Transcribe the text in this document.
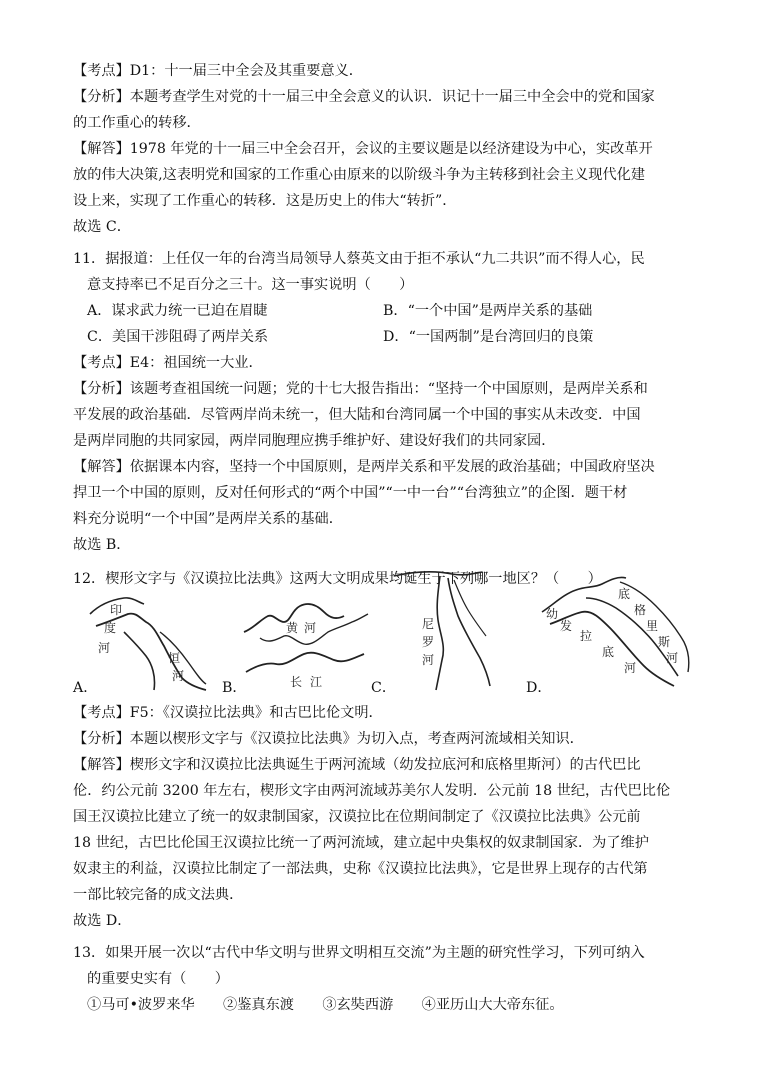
【考点】D1：十一届三中全会及其重要意义．
【分析】本题考查学生对党的十一届三中全会意义的认识．识记十一届三中全会中的党和国家
的工作重心的转移．
【解答】1978 年党的十一届三中全会召开，会议的主要议题是以经济建设为中心，实改革开
放的伟大决策,这表明党和国家的工作重心由原来的以阶级斗争为主转移到社会主义现代化建
设上来，实现了工作重心的转移．这是历史上的伟大“转折”．
故选 C．
11．据报道：上任仅一年的台湾当局领导人蔡英文由于拒不承认“九二共识”而不得人心，民
意支持率已不足百分之三十。这一事实说明（　　）
A．谋求武力统一已迫在眉睫	B．“一个中国”是两岸关系的基础
C．美国干涉阻碍了两岸关系	D．“一国两制”是台湾回归的良策
【考点】E4：祖国统一大业．
【分析】该题考查祖国统一问题；党的十七大报告指出：“坚持一个中国原则，是两岸关系和
平发展的政治基础．尽管两岸尚未统一，但大陆和台湾同属一个中国的事实从未改变．中国
是两岸同胞的共同家园，两岸同胞理应携手维护好、建设好我们的共同家园．
【解答】依据课本内容，坚持一个中国原则，是两岸关系和平发展的政治基础；中国政府坚决
捍卫一个中国的原则，反对任何形式的“两个中国”“一中一台”“台湾独立”的企图．题干材
料充分说明“一个中国”是两岸关系的基础．
故选 B．
12．楔形文字与《汉谟拉比法典》这两大文明成果均诞生于下列哪一地区？（　　）
印
度
河
恒
河
A．
黄 河
长 江
B．
尼
罗
河
C．
幼
发
拉
底
河
底
格
里
斯
河
D．
【考点】F5：《汉谟拉比法典》和古巴比伦文明．
【分析】本题以楔形文字与《汉谟拉比法典》为切入点，考查两河流域相关知识．
【解答】楔形文字和汉谟拉比法典诞生于两河流域（幼发拉底河和底格里斯河）的古代巴比
伦．约公元前 3200 年左右，楔形文字由两河流域苏美尔人发明．公元前 18 世纪，古代巴比伦
国王汉谟拉比建立了统一的奴隶制国家，汉谟拉比在位期间制定了《汉谟拉比法典》公元前
18 世纪，古巴比伦国王汉谟拉比统一了两河流域，建立起中央集权的奴隶制国家．为了维护
奴隶主的利益，汉谟拉比制定了一部法典，史称《汉谟拉比法典》，它是世界上现存的古代第
一部比较完备的成文法典．
故选 D．
13．如果开展一次以“古代中华文明与世界文明相互交流”为主题的研究性学习，下列可纳入
的重要史实有（　　）
①马可•波罗来华　　②鉴真东渡　　③玄奘西游　　④亚历山大大帝东征。
